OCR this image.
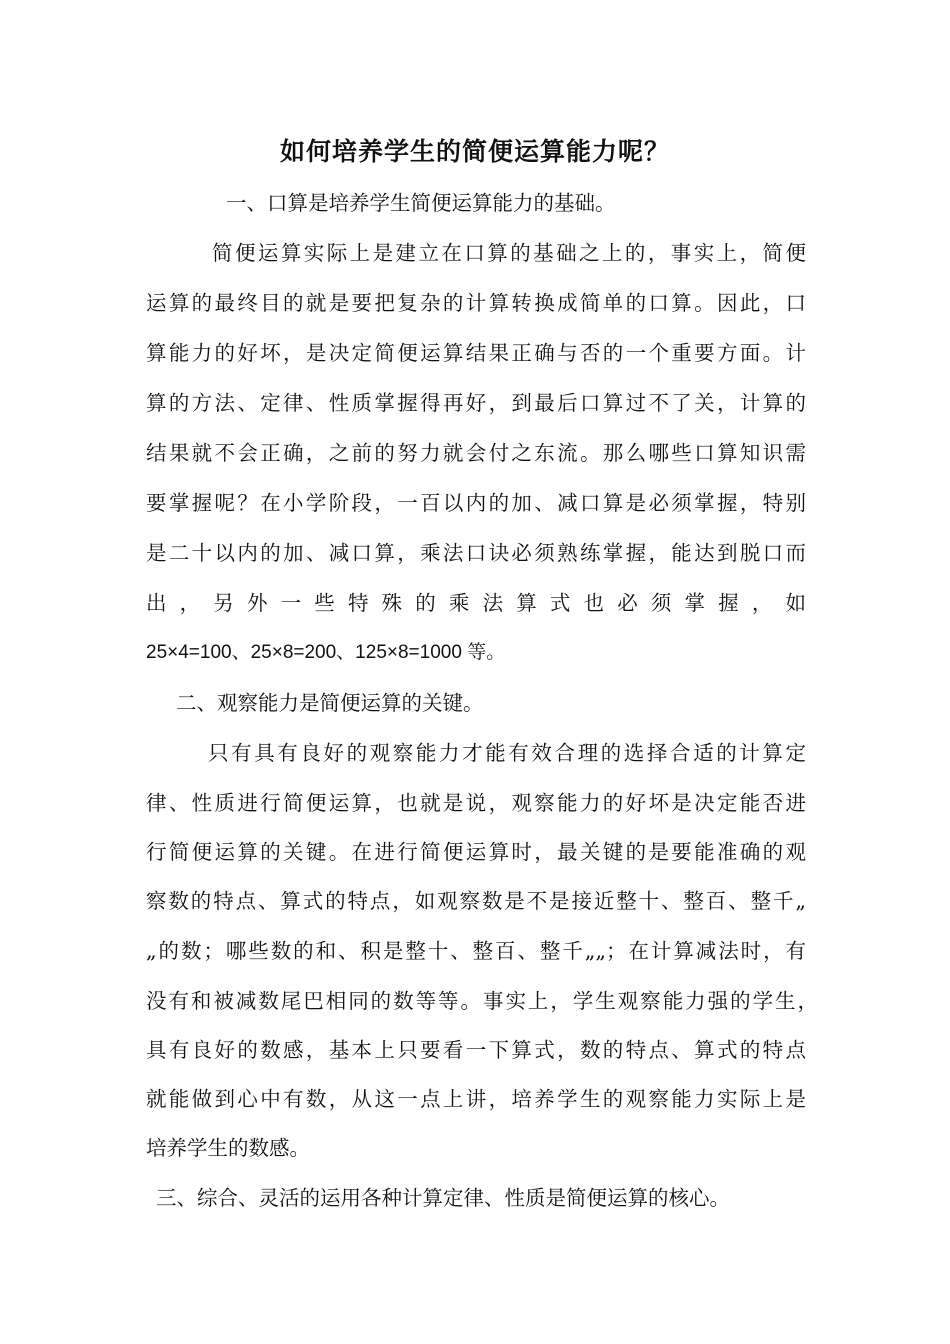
如何培养学生的简便运算能力呢？
一、口算是培养学生简便运算能力的基础。
简便运算实际上是建立在口算的基础之上的，事实上，简便
运算的最终目的就是要把复杂的计算转换成简单的口算。因此，口
算能力的好坏，是决定简便运算结果正确与否的一个重要方面。计
算的方法、定律、性质掌握得再好，到最后口算过不了关，计算的
结果就不会正确，之前的努力就会付之东流。那么哪些口算知识需
要掌握呢？在小学阶段，一百以内的加、减口算是必须掌握，特别
是二十以内的加、减口算，乘法口诀必须熟练掌握，能达到脱口而
出，另外一些特殊的乘法算式也必须掌握，如
25×4=100、25×8=200、125×8=1000 等。
二、观察能力是简便运算的关键。
只有具有良好的观察能力才能有效合理的选择合适的计算定
律、性质进行简便运算，也就是说，观察能力的好坏是决定能否进
行简便运算的关键。在进行简便运算时，最关键的是要能准确的观
察数的特点、算式的特点，如观察数是不是接近整十、整百、整千„
„的数；哪些数的和、积是整十、整百、整千„„；在计算减法时，有
没有和被减数尾巴相同的数等等。事实上，学生观察能力强的学生，
具有良好的数感，基本上只要看一下算式，数的特点、算式的特点
就能做到心中有数，从这一点上讲，培养学生的观察能力实际上是
培养学生的数感。
三、综合、灵活的运用各种计算定律、性质是简便运算的核心。
